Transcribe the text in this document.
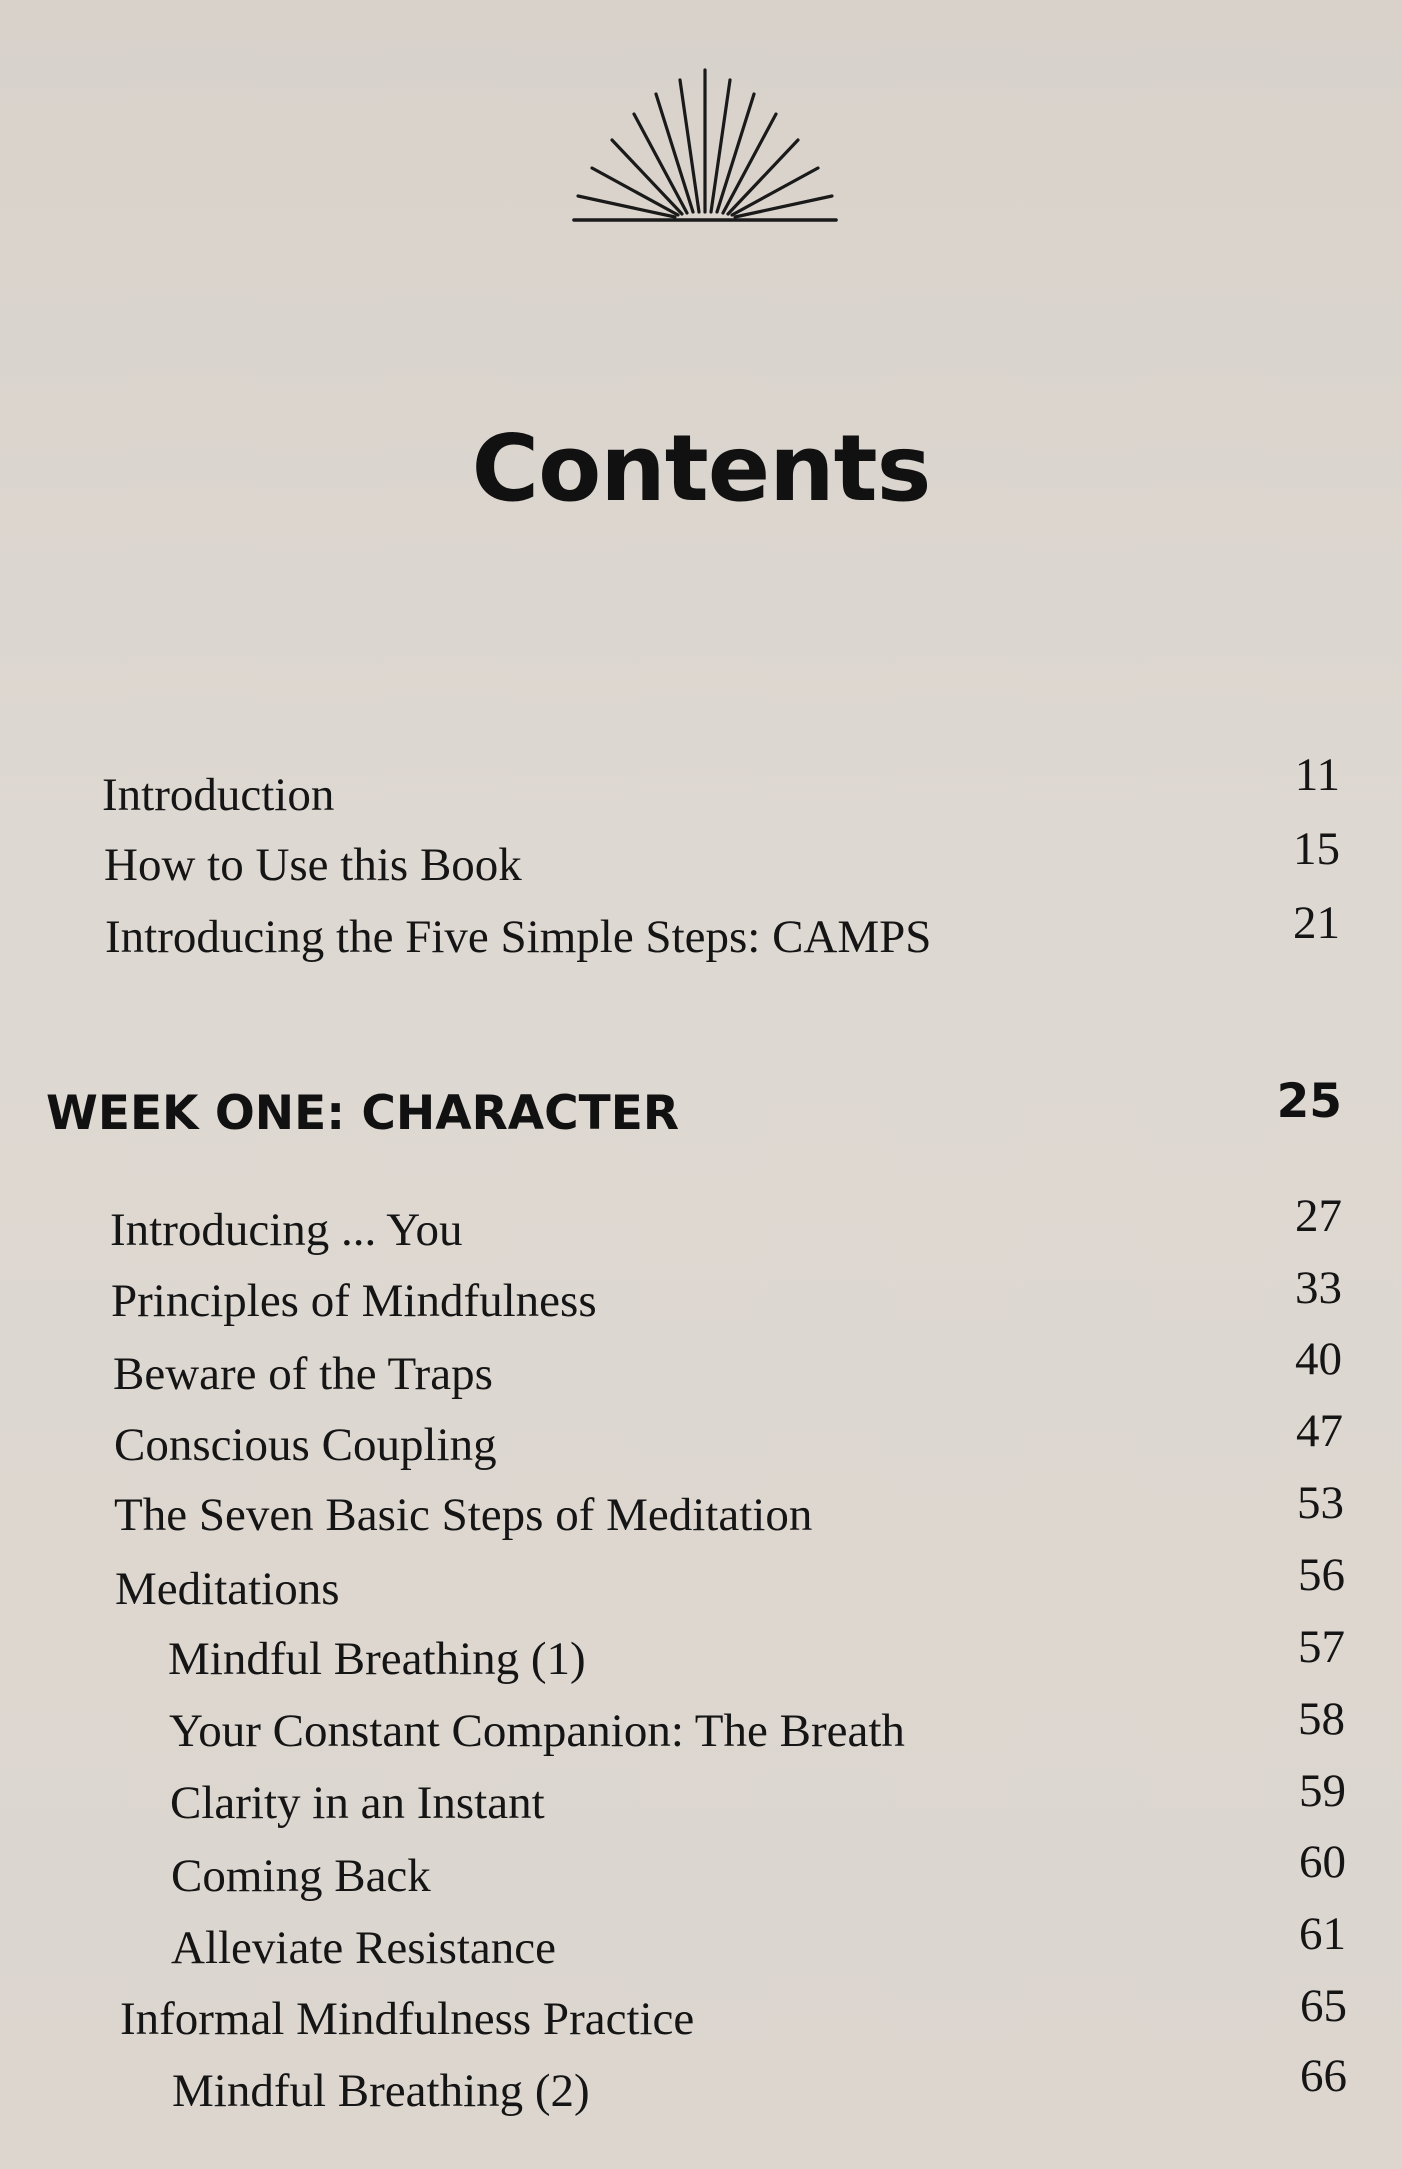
Contents
Introduction	11
How to Use this Book	15
Introducing the Five Simple Steps: CAMPS	21
WEEK ONE: CHARACTER	25
Introducing ... You	27
Principles of Mindfulness	33
Beware of the Traps	40
Conscious Coupling	47
The Seven Basic Steps of Meditation	53
Meditations	56
Mindful Breathing (1)	57
Your Constant Companion: The Breath	58
Clarity in an Instant	59
Coming Back	60
Alleviate Resistance	61
Informal Mindfulness Practice	65
Mindful Breathing (2)	66
